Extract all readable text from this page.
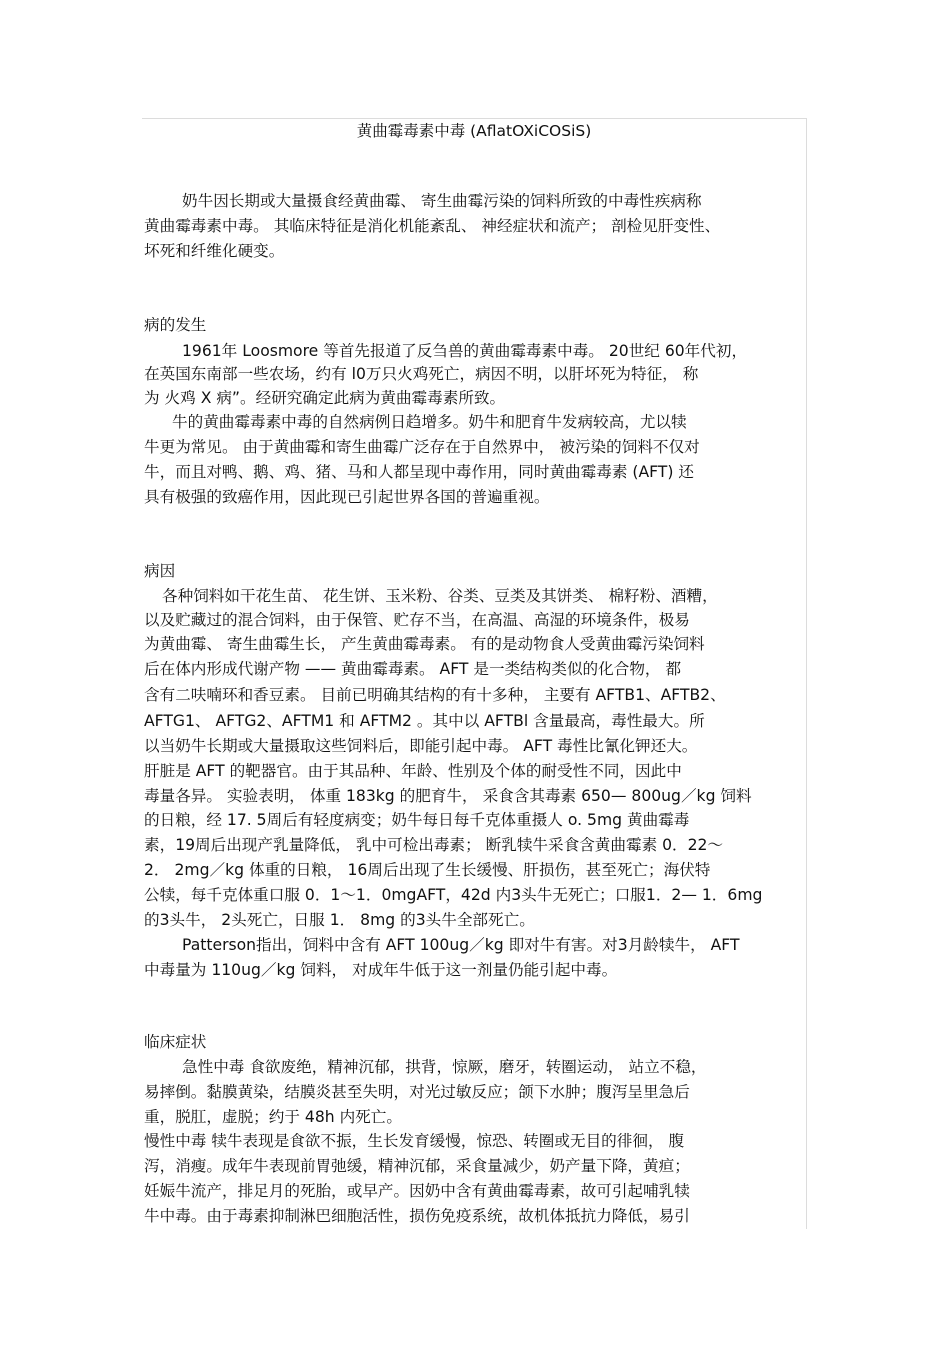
黄曲霉毒素中毒 (AflatOXiCOSiS)
奶牛因长期或大量摄食经黄曲霉、 寄生曲霉污染的饲料所致的中毒性疾病称
黄曲霉毒素中毒。 其临床特征是消化机能紊乱、 神经症状和流产； 剖检见肝变性、
坏死和纤维化硬变。
病的发生
1961年 Loosmore 等首先报道了反刍兽的黄曲霉毒素中毒。 20世纪 60年代初，
在英国东南部一些农场，约有 l0万只火鸡死亡，病因不明，以肝坏死为特征， 称
为 火鸡 X 病”。经研究确定此病为黄曲霉毒素所致。
牛的黄曲霉毒素中毒的自然病例日趋增多。奶牛和肥育牛发病较高，尤以犊
牛更为常见。 由于黄曲霉和寄生曲霉广泛存在于自然界中， 被污染的饲料不仅对
牛，而且对鸭、鹅、鸡、猪、马和人都呈现中毒作用，同时黄曲霉毒素 (AFT) 还
具有极强的致癌作用，因此现已引起世界各国的普遍重视。
病因
各种饲料如干花生苗、 花生饼、玉米粉、谷类、豆类及其饼类、 棉籽粉、酒糟，
以及贮藏过的混合饲料，由于保管、贮存不当，在高温、高湿的环境条件，极易
为黄曲霉、 寄生曲霉生长， 产生黄曲霉毒素。 有的是动物食人受黄曲霉污染饲料
后在体内形成代谢产物 —— 黄曲霉毒素。 AFT 是一类结构类似的化合物， 都
含有二呋喃环和香豆素。 目前已明确其结构的有十多种， 主要有 AFTB1、AFTB2、
AFTG1、 AFTG2、AFTM1 和 AFTM2 。其中以 AFTBl 含量最高，毒性最大。所
以当奶牛长期或大量摄取这些饲料后，即能引起中毒。 AFT 毒性比氰化钾还大。
肝脏是 AFT 的靶器官。由于其品种、年龄、性别及个体的耐受性不同，因此中
毒量各异。 实验表明， 体重 183kg 的肥育牛， 采食含其毒素 650— 800ug／kg 饲料
的日粮，经 17. 5周后有轻度病变；奶牛每日每千克体重摄人 o. 5mg 黄曲霉毒
素，19周后出现产乳量降低， 乳中可检出毒素； 断乳犊牛采食含黄曲霉素 0．22～
2． 2mg／kg 体重的日粮， 16周后出现了生长缓慢、肝损伤，甚至死亡；海伏特
公犊，每千克体重口服 0．1～1．0mgAFT，42d 内3头牛无死亡；口服1．2— 1．6mg
的3头牛， 2头死亡，日服 1． 8mg 的3头牛全部死亡。
Patterson指出，饲料中含有 AFT 100ug／kg 即对牛有害。对3月龄犊牛， AFT
中毒量为 110ug／kg 饲料， 对成年牛低于这一剂量仍能引起中毒。
临床症状
急性中毒 食欲废绝，精神沉郁，拱背，惊厥，磨牙，转圈运动， 站立不稳，
易摔倒。黏膜黄染，结膜炎甚至失明，对光过敏反应；颌下水肿；腹泻呈里急后
重，脱肛，虚脱；约于 48h 内死亡。
慢性中毒 犊牛表现是食欲不振，生长发育缓慢，惊恐、转圈或无目的徘徊， 腹
泻，消瘦。成年牛表现前胃弛缓，精神沉郁，采食量减少，奶产量下降，黄疸；
妊娠牛流产，排足月的死胎，或早产。因奶中含有黄曲霉毒素，故可引起哺乳犊
牛中毒。由于毒素抑制淋巴细胞活性，损伤免疫系统，故机体抵抗力降低，易引
